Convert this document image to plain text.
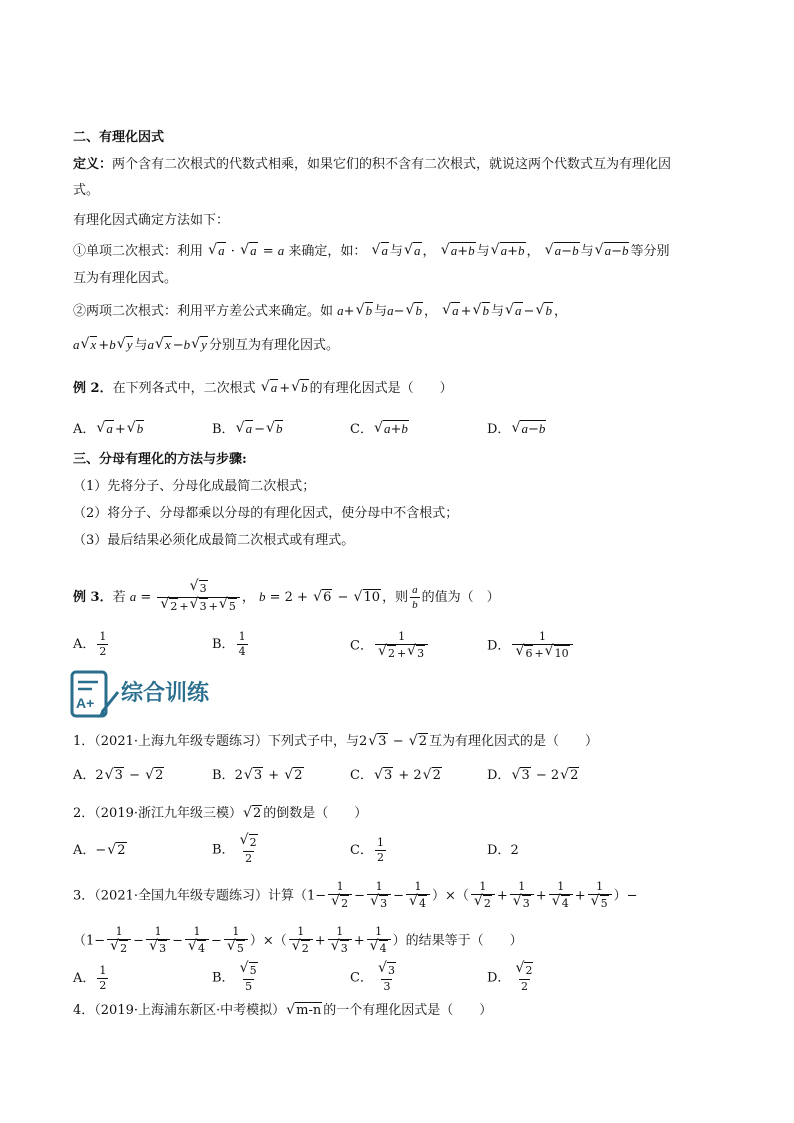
二、有理化因式
定义：两个含有二次根式的代数式相乘，如果它们的积不含有二次根式，就说这两个代数式互为有理化因
式。
有理化因式确定方法如下：
①单项二次根式：利用 √ a · √ a = a 来确定，如： √ a 与 √ a ， √ a+b 与 √ a+b ， √ a−b 与 √ a−b 等分别
互为有理化因式。
②两项二次根式：利用平方差公式来确定。如 a+ √ b 与a− √ b ， √ a + √ b 与 √ a − √ b ，
a √ x +b √ y 与a √ x −b √ y 分别互为有理化因式。
例 2．在下列各式中，二次根式 √ a + √ b 的有理化因式是（　　）
A． √ a + √ b	B． √ a − √ b	C． √ a+b	D． √ a−b
三、分母有理化的方法与步骤:
（1）先将分子、分母化成最简二次根式；
（2）将分子、分母都乘以分母的有理化因式，使分母中不含根式；
（3）最后结果必须化成最简二次根式或有理式。
例 3．若 a = √ 3
√ 2 + √ 3 + √ 5 ， b = 2 + √ 6 − √ 10 ，则 $\frac{a}{b}$ 的值为（　）
A． $\frac{1}{2}$	B． $\frac{1}{4}$	C． 1
√ 2 + √ 3	D． 1
√ 6 + √ 10
A+ 综合训练
1．（2021·上海九年级专题练习）下列式子中，与2 √ 3 − √ 2 互为有理化因式的是（　　）
A．2 √ 3 − √ 2	B．2 √ 3 + √ 2	C． √ 3 + 2 √ 2	D． √ 3 − 2 √ 2
2．（2019·浙江九年级三模） √ 2 的倒数是（　　）
A．− √ 2	B． √ $\frac{2}{2}$	C． $\frac{1}{2}$	D．2
3．（2021·全国九年级专题练习）计算（1− 1
√ 2 − 1
√ 3 − 1
√ 4 ）×（ 1
√ 2 + 1
√ 3 + 1
√ 4 + 1
√ 5 ）−
（1− 1
√ 2 − 1
√ 3 − 1
√ 4 − 1
√ 5 ）×（ 1
√ 2 + 1
√ 3 + 1
√ 4 ）的结果等于（　　）
A． $\frac{1}{2}$	B． √ $\frac{5}{5}$	C． √ $\frac{3}{3}$	D． √ $\frac{2}{2}$
4．（2019·上海浦东新区·中考模拟） √ m-n 的一个有理化因式是（　　）
